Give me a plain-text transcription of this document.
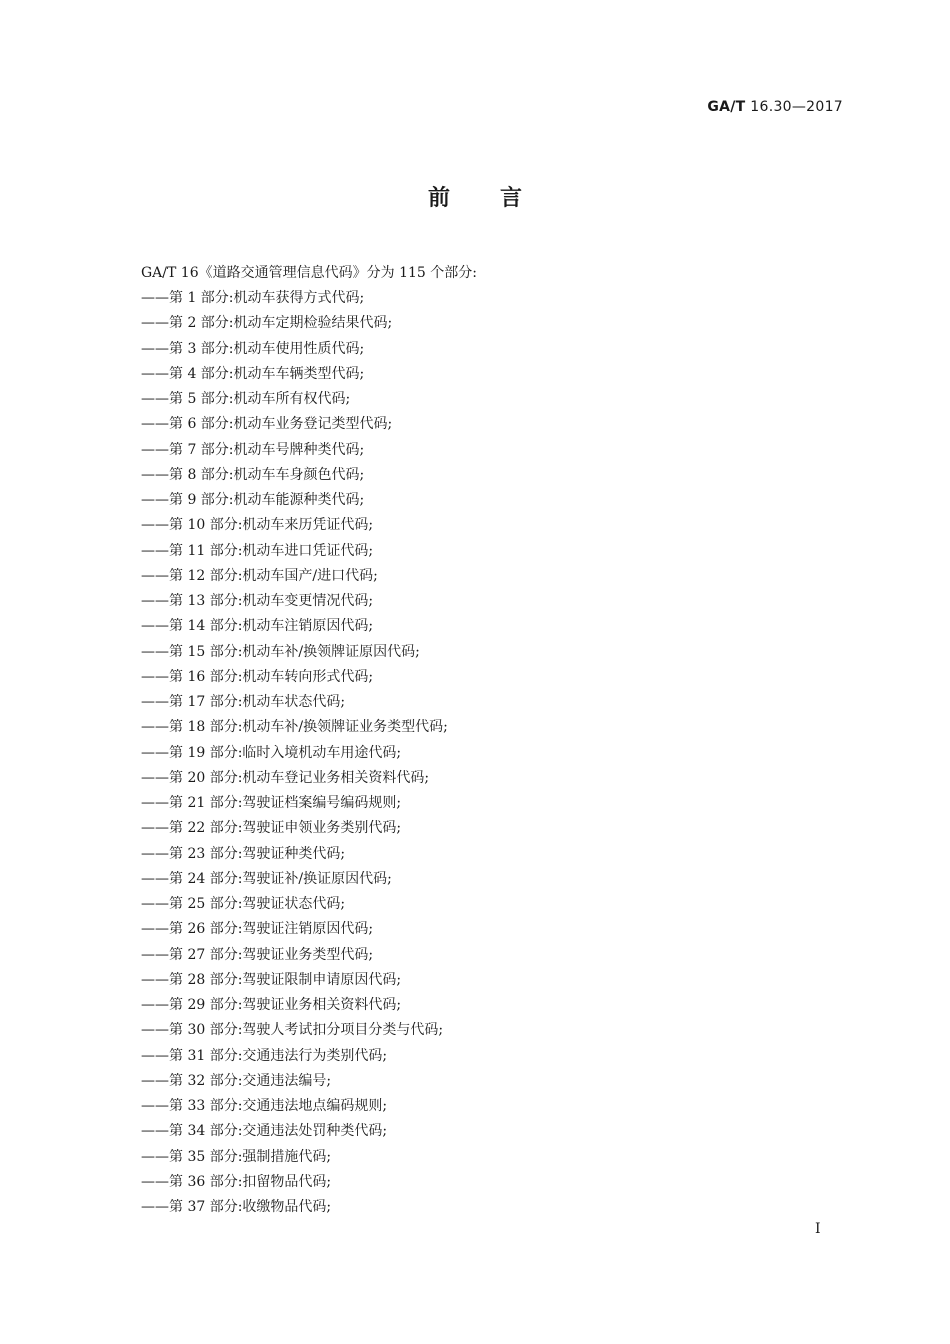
GA/T 16.30—2017
前言
GA/T 16《道路交通管理信息代码》分为 115 个部分:
——第 1 部分:机动车获得方式代码;
——第 2 部分:机动车定期检验结果代码;
——第 3 部分:机动车使用性质代码;
——第 4 部分:机动车车辆类型代码;
——第 5 部分:机动车所有权代码;
——第 6 部分:机动车业务登记类型代码;
——第 7 部分:机动车号牌种类代码;
——第 8 部分:机动车车身颜色代码;
——第 9 部分:机动车能源种类代码;
——第 10 部分:机动车来历凭证代码;
——第 11 部分:机动车进口凭证代码;
——第 12 部分:机动车国产/进口代码;
——第 13 部分:机动车变更情况代码;
——第 14 部分:机动车注销原因代码;
——第 15 部分:机动车补/换领牌证原因代码;
——第 16 部分:机动车转向形式代码;
——第 17 部分:机动车状态代码;
——第 18 部分:机动车补/换领牌证业务类型代码;
——第 19 部分:临时入境机动车用途代码;
——第 20 部分:机动车登记业务相关资料代码;
——第 21 部分:驾驶证档案编号编码规则;
——第 22 部分:驾驶证申领业务类别代码;
——第 23 部分:驾驶证种类代码;
——第 24 部分:驾驶证补/换证原因代码;
——第 25 部分:驾驶证状态代码;
——第 26 部分:驾驶证注销原因代码;
——第 27 部分:驾驶证业务类型代码;
——第 28 部分:驾驶证限制申请原因代码;
——第 29 部分:驾驶证业务相关资料代码;
——第 30 部分:驾驶人考试扣分项目分类与代码;
——第 31 部分:交通违法行为类别代码;
——第 32 部分:交通违法编号;
——第 33 部分:交通违法地点编码规则;
——第 34 部分:交通违法处罚种类代码;
——第 35 部分:强制措施代码;
——第 36 部分:扣留物品代码;
——第 37 部分:收缴物品代码;
I
